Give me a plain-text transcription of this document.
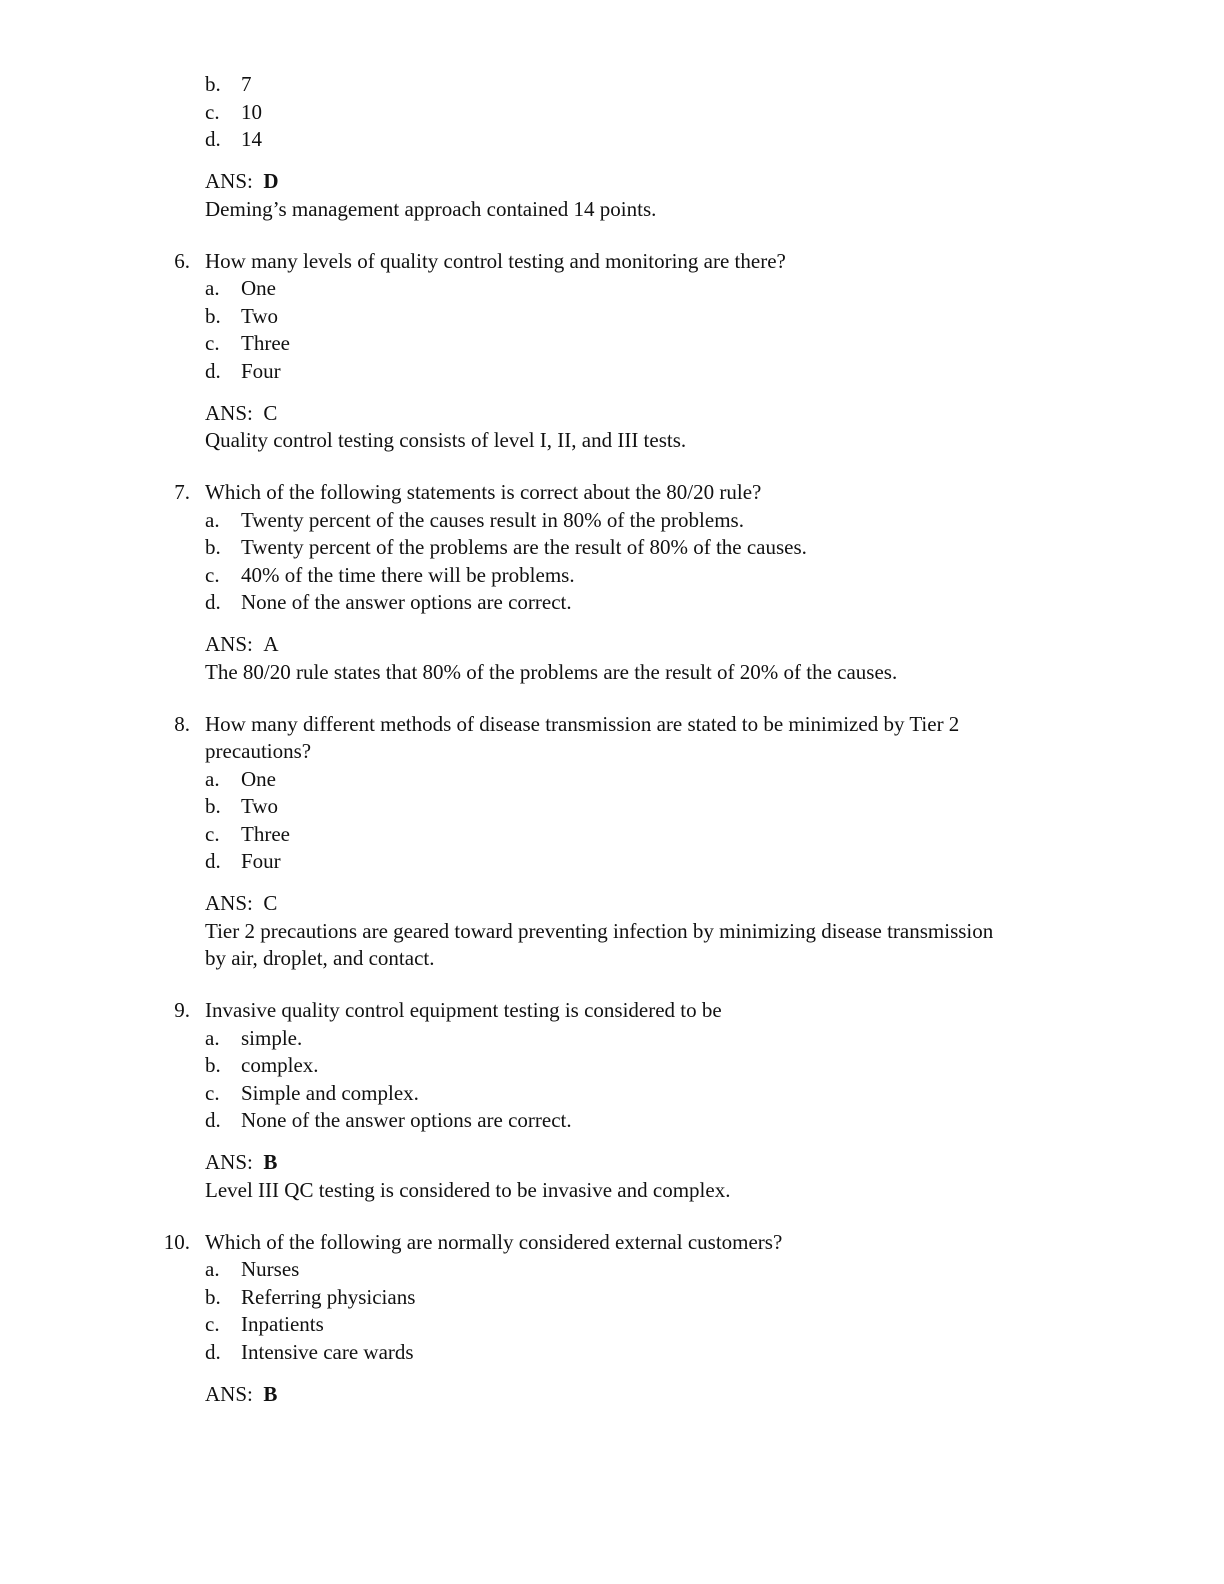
b. 7
c. 10
d. 14
ANS: D
Deming’s management approach contained 14 points.
6. How many levels of quality control testing and monitoring are there?
a. One
b. Two
c. Three
d. Four
ANS: C
Quality control testing consists of level I, II, and III tests.
7. Which of the following statements is correct about the 80/20 rule?
a. Twenty percent of the causes result in 80% of the problems.
b. Twenty percent of the problems are the result of 80% of the causes.
c. 40% of the time there will be problems.
d. None of the answer options are correct.
ANS: A
The 80/20 rule states that 80% of the problems are the result of 20% of the causes.
8. How many different methods of disease transmission are stated to be minimized by Tier 2
precautions?
a. One
b. Two
c. Three
d. Four
ANS: C
Tier 2 precautions are geared toward preventing infection by minimizing disease transmission
by air, droplet, and contact.
9. Invasive quality control equipment testing is considered to be
a. simple.
b. complex.
c. Simple and complex.
d. None of the answer options are correct.
ANS: B
Level III QC testing is considered to be invasive and complex.
10. Which of the following are normally considered external customers?
a. Nurses
b. Referring physicians
c. Inpatients
d. Intensive care wards
ANS: B
